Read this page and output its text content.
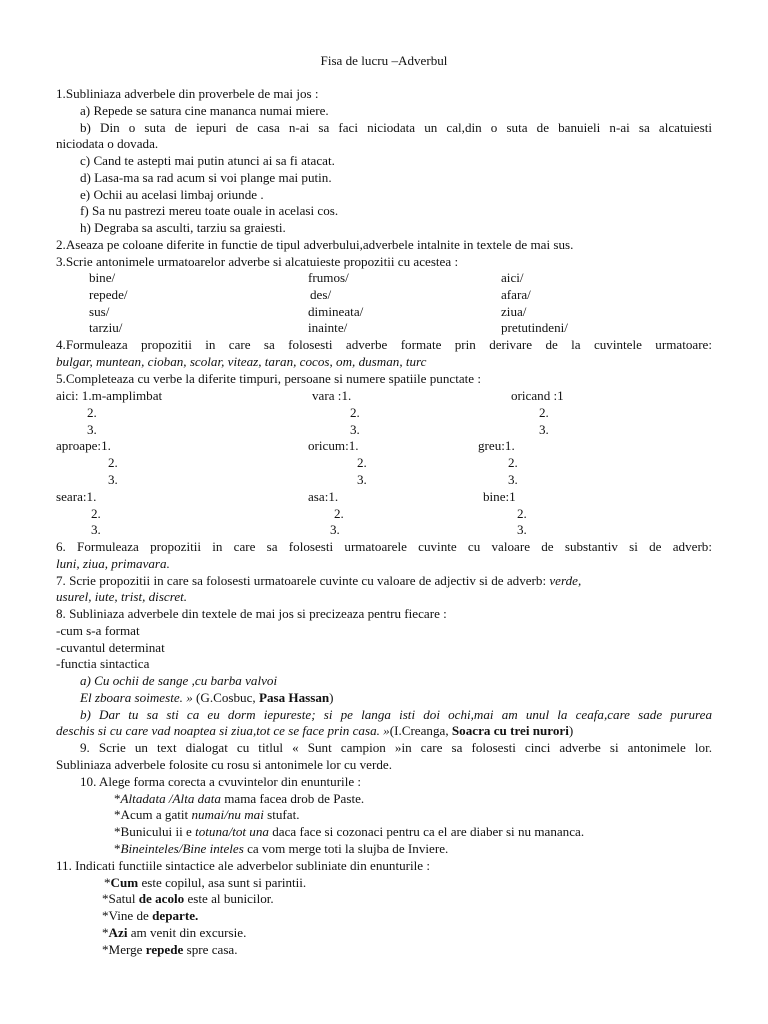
Fisa de lucru –Adverbul
1.Subliniaza adverbele din proverbele de mai jos :
a) Repede se satura cine mananca numai miere.
b) Din o suta de iepuri de casa n-ai sa faci niciodata un cal,din o suta de banuieli n-ai sa alcatuiesti
niciodata o dovada.
c) Cand te astepti mai putin atunci ai sa fi atacat.
d) Lasa-ma sa rad acum si voi plange mai putin.
e) Ochii au acelasi limbaj oriunde .
f) Sa nu pastrezi mereu toate ouale in acelasi cos.
h) Degraba sa asculti, tarziu sa graiesti.
2.Aseaza pe coloane diferite in functie de tipul adverbului,adverbele intalnite in textele de mai sus.
3.Scrie antonimele urmatoarelor adverbe si alcatuieste propozitii cu acestea :
bine/	frumos/	aici/
repede/	des/	afara/
sus/	dimineata/	ziua/
tarziu/	inainte/	pretutindeni/
4.Formuleaza propozitii in care sa folosesti adverbe formate prin derivare de la cuvintele urmatoare:
bulgar, muntean, cioban, scolar, viteaz, taran, cocos, om, dusman, turc
5.Completeaza cu verbe la diferite timpuri, persoane si numere spatiile punctate :
aici: 1.m-amplimbat	vara :1.	oricand :1
2.	2.	2.
3.	3.	3.
aproape:1.	oricum:1.	greu:1.
2.	2.	2.
3.	3.	3.
seara:1.	asa:1.	bine:1
2.	2.	2.
3.	3.	3.
6. Formuleaza propozitii in care sa folosesti urmatoarele cuvinte cu valoare de substantiv si de adverb:
luni, ziua, primavara.
7. Scrie propozitii in care sa folosesti urmatoarele cuvinte cu valoare de adjectiv si de adverb: verde,
usurel, iute, trist, discret.
8. Subliniaza adverbele din textele de mai jos si precizeaza pentru fiecare :
-cum s-a format
-cuvantul determinat
-functia sintactica
a) Cu ochii de sange ,cu barba valvoi
El zboara soimeste. » (G.Cosbuc, Pasa Hassan)
b) Dar tu sa sti ca eu dorm iepureste; si pe langa isti doi ochi,mai am unul la ceafa,care sade pururea
deschis si cu care vad noaptea si ziua,tot ce se face prin casa. »(I.Creanga, Soacra cu trei nurori)
9. Scrie un text dialogat cu titlul « Sunt campion »in care sa folosesti cinci adverbe si antonimele lor.
Subliniaza adverbele folosite cu rosu si antonimele lor cu verde.
10. Alege forma corecta a cvuvintelor din enunturile :
*Altadata /Alta data mama facea drob de Paste.
*Acum a gatit numai/nu mai stufat.
*Bunicului ii e totuna/tot una daca face si cozonaci pentru ca el are diaber si nu mananca.
*Bineinteles/Bine inteles ca vom merge toti la slujba de Inviere.
11. Indicati functiile sintactice ale adverbelor subliniate din enunturile :
*Cum este copilul, asa sunt si parintii.
*Satul de acolo este al bunicilor.
*Vine de departe.
*Azi am venit din excursie.
*Merge repede spre casa.
